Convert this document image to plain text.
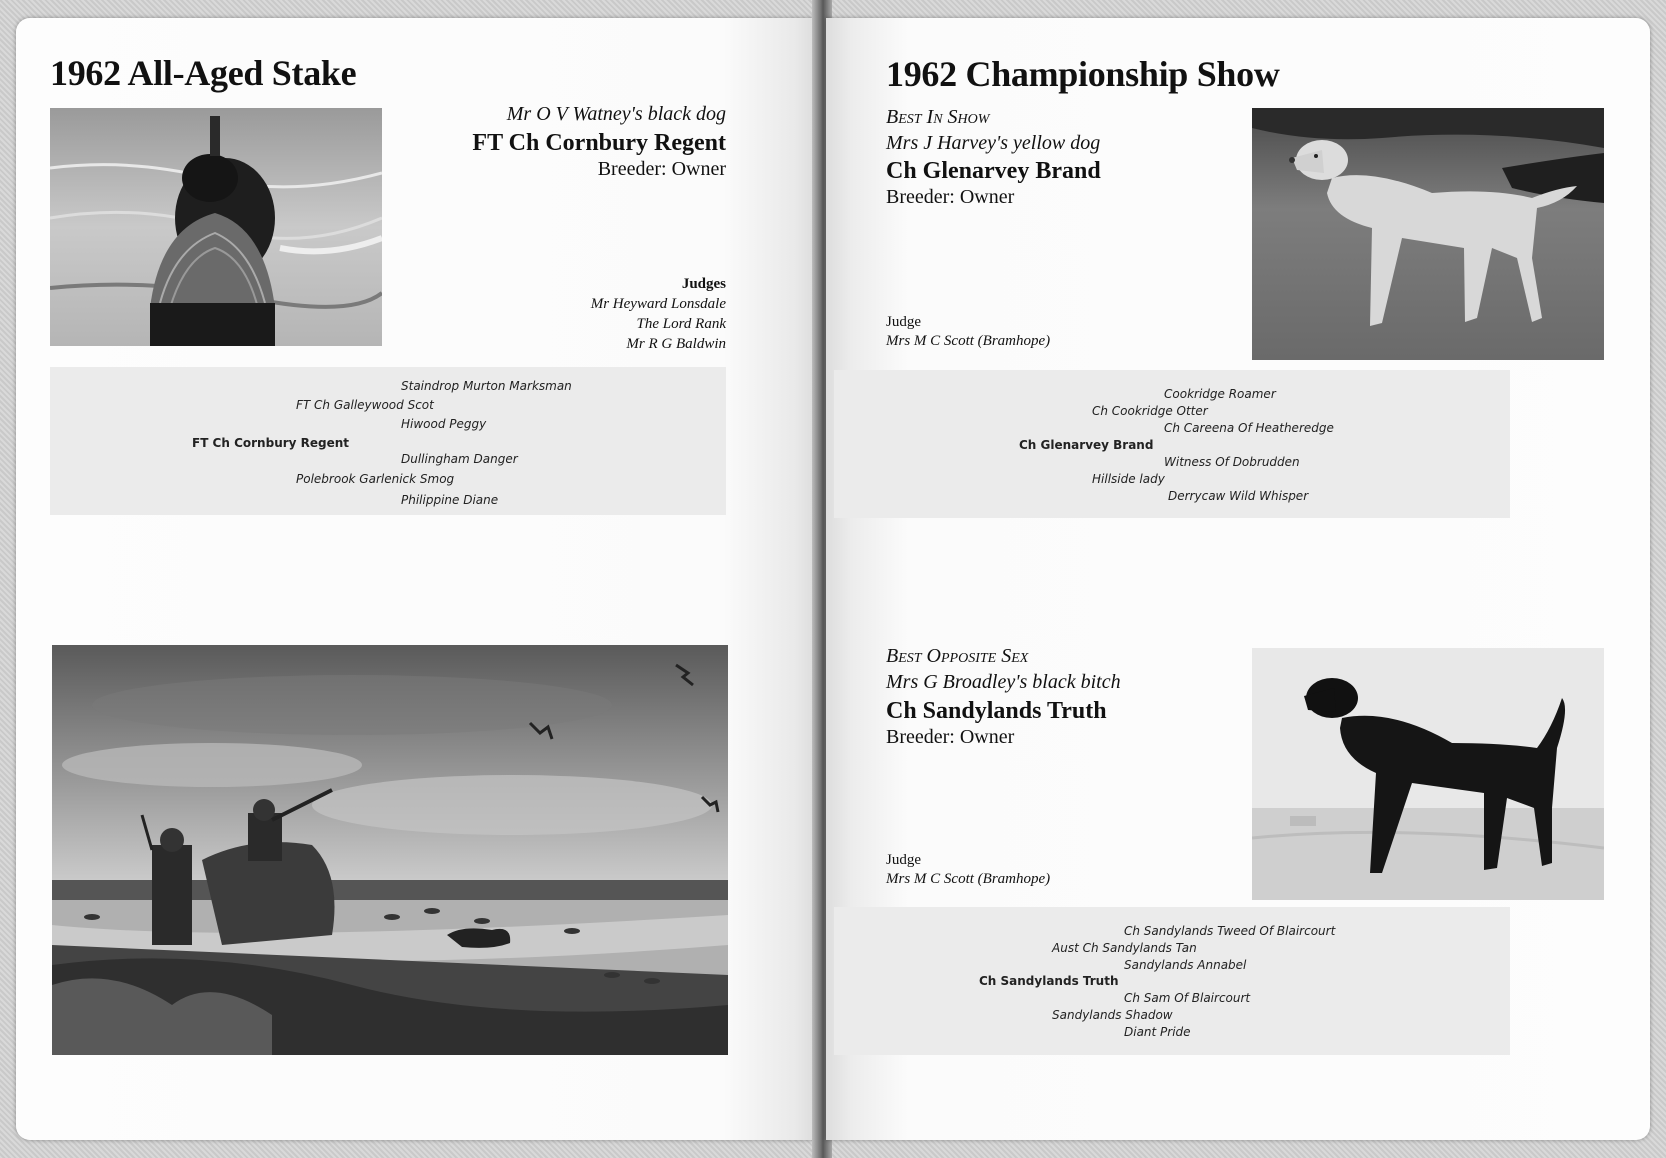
1962 All-Aged Stake
Mr O V Watney's black dog
FT Ch Cornbury Regent
Breeder: Owner
Judges
Mr Heyward Lonsdale
The Lord Rank
Mr R G Baldwin
Staindrop Murton Marksman
FT Ch Galleywood Scot
Hiwood Peggy
FT Ch Cornbury Regent
Dullingham Danger
Polebrook Garlenick Smog
Philippine Diane
1962 Championship Show
Best In Show
Mrs J Harvey's yellow dog
Ch Glenarvey Brand
Breeder: Owner
Judge
Mrs M C Scott (Bramhope)
Cookridge Roamer
Ch Cookridge Otter
Ch Careena Of Heatheredge
Ch Glenarvey Brand
Witness Of Dobrudden
Hillside lady
Derrycaw Wild Whisper
Best Opposite Sex
Mrs G Broadley's black bitch
Ch Sandylands Truth
Breeder: Owner
Judge
Mrs M C Scott (Bramhope)
Ch Sandylands Tweed Of Blaircourt
Aust Ch Sandylands Tan
Sandylands Annabel
Ch Sandylands Truth
Ch Sam Of Blaircourt
Sandylands Shadow
Diant Pride
